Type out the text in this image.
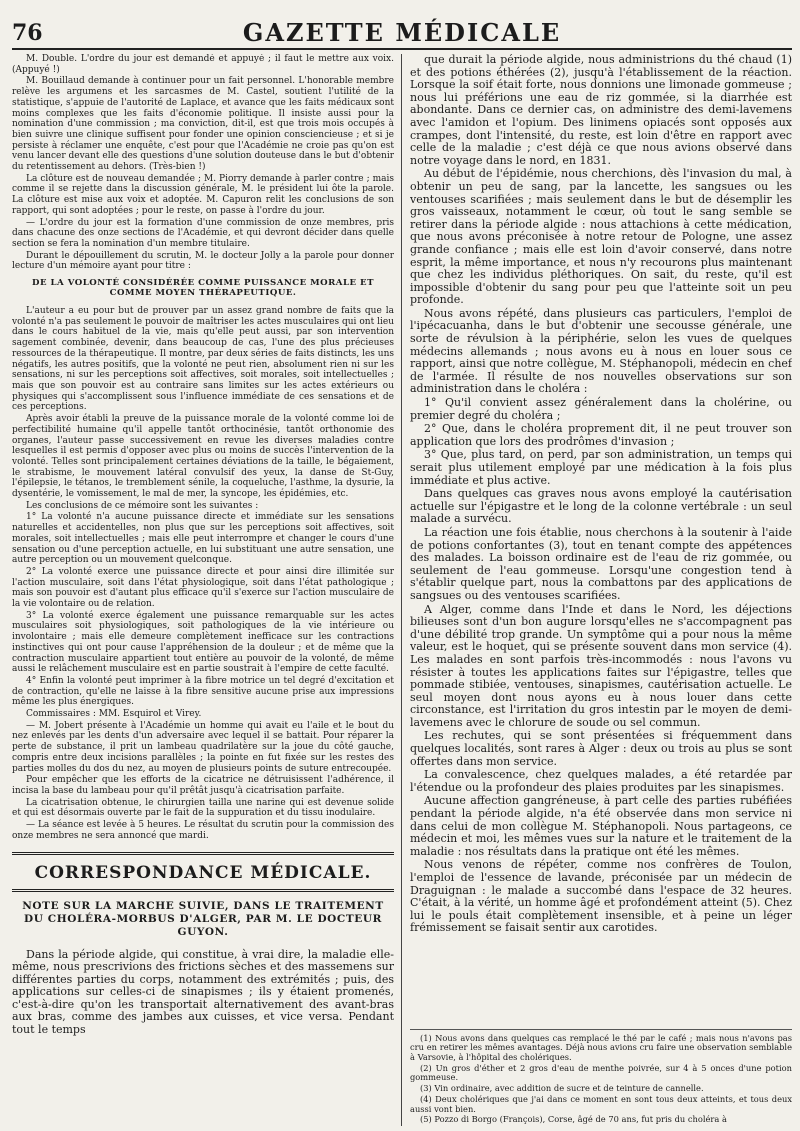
76	GAZETTE MÉDICALE

M. Double. L'ordre du jour est demandé et appuyé ; il faut le mettre aux voix. (Appuyé !)

M. Bouillaud demande à continuer pour un fait personnel. L'honorable membre relève les argumens et les sarcasmes de M. Castel, soutient l'utilité de la statistique, s'appuie de l'autorité de Laplace, et avance que les faits médicaux sont moins complexes que les faits d'économie politique. Il insiste aussi pour la nomination d'une commission ; ma conviction, dit-il, est que trois mois occupés à bien suivre une clinique suffisent pour fonder une opinion consciencieuse ; et si je persiste à réclamer une enquête, c'est pour que l'Académie ne croie pas qu'on est venu lancer devant elle des questions d'une solution douteuse dans le but d'obtenir du retentissement au dehors. (Très-bien !)

La clôture est de nouveau demandée ; M. Piorry demande à parler contre ; mais comme il se rejette dans la discussion générale, M. le président lui ôte la parole. La clôture est mise aux voix et adoptée. M. Capuron relit les conclusions de son rapport, qui sont adoptées ; pour le reste, on passe à l'ordre du jour.

— L'ordre du jour est la formation d'une commission de onze membres, pris dans chacune des onze sections de l'Académie, et qui devront décider dans quelle section se fera la nomination d'un membre titulaire.

Durant le dépouillement du scrutin, M. le docteur Jolly a la parole pour donner lecture d'un mémoire ayant pour titre :

DE LA VOLONTÉ CONSIDÉRÉE COMME PUISSANCE MORALE ET COMME MOYEN THÉRAPEUTIQUE.

L'auteur a eu pour but de prouver par un assez grand nombre de faits que la volonté n'a pas seulement le pouvoir de maîtriser les actes musculaires qui ont lieu dans le cours habituel de la vie, mais qu'elle peut aussi, par son intervention sagement combinée, devenir, dans beaucoup de cas, l'une des plus précieuses ressources de la thérapeutique. Il montre, par deux séries de faits distincts, les uns négatifs, les autres positifs, que la volonté ne peut rien, absolument rien ni sur les sensations, ni sur les perceptions soit affectives, soit morales, soit intellectuelles ; mais que son pouvoir est au contraire sans limites sur les actes extérieurs ou physiques qui s'accomplissent sous l'influence immédiate de ces sensations et de ces perceptions.

Après avoir établi la preuve de la puissance morale de la volonté comme loi de perfectibilité humaine qu'il appelle tantôt orthocinésie, tantôt orthonomie des organes, l'auteur passe successivement en revue les diverses maladies contre lesquelles il est permis d'opposer avec plus ou moins de succès l'intervention de la volonté. Telles sont principalement certaines déviations de la taille, le bégaiement, le strabisme, le mouvement latéral convulsif des yeux, la danse de St-Guy, l'épilepsie, le tétanos, le tremblement sénile, la coqueluche, l'asthme, la dysurie, la dysentérie, le vomissement, le mal de mer, la syncope, les épidémies, etc.

Les conclusions de ce mémoire sont les suivantes :

1° La volonté n'a aucune puissance directe et immédiate sur les sensations naturelles et accidentelles, non plus que sur les perceptions soit affectives, soit morales, soit intellectuelles ; mais elle peut interrompre et changer le cours d'une sensation ou d'une perception actuelle, en lui substituant une autre sensation, une autre perception ou un mouvement quelconque.

2° La volonté exerce une puissance directe et pour ainsi dire illimitée sur l'action musculaire, soit dans l'état physiologique, soit dans l'état pathologique ; mais son pouvoir est d'autant plus efficace qu'il s'exerce sur l'action musculaire de la vie volontaire ou de relation.

3° La volonté exerce également une puissance remarquable sur les actes musculaires soit physiologiques, soit pathologiques de la vie intérieure ou involontaire ; mais elle demeure complètement inefficace sur les contractions instinctives qui ont pour cause l'appréhension de la douleur ; et de même que la contraction musculaire appartient tout entière au pouvoir de la volonté, de même aussi le relâchement musculaire est en partie soustrait à l'empire de cette faculté.

4° Enfin la volonté peut imprimer à la fibre motrice un tel degré d'excitation et de contraction, qu'elle ne laisse à la fibre sensitive aucune prise aux impressions même les plus énergiques.

Commissaires : MM. Esquirol et Virey.

— M. Jobert présente à l'Académie un homme qui avait eu l'aile et le bout du nez enlevés par les dents d'un adversaire avec lequel il se battait. Pour réparer la perte de substance, il prit un lambeau quadrilatère sur la joue du côté gauche, compris entre deux incisions parallèles ; la pointe en fut fixée sur les restes des parties molles du dos du nez, au moyen de plusieurs points de suture entrecoupée.

Pour empêcher que les efforts de la cicatrice ne détruisissent l'adhérence, il incisa la base du lambeau pour qu'il prêtât jusqu'à cicatrisation parfaite.

La cicatrisation obtenue, le chirurgien tailla une narine qui est devenue solide et qui est désormais ouverte par le fait de la suppuration et du tissu inodulaire.

— La séance est levée à 5 heures. Le résultat du scrutin pour la commission des onze membres ne sera annoncé que mardi.

CORRESPONDANCE MÉDICALE.
NOTE SUR LA MARCHE SUIVIE, DANS LE TRAITEMENT DU CHOLÉRA-MORBUS D'ALGER, PAR M. LE DOCTEUR GUYON.

Dans la période algide, qui constitue, à vrai dire, la maladie elle-même, nous prescrivions des frictions sèches et des massemens sur différentes parties du corps, notamment des extrémités ; puis, des applications sur celles-ci de sinapismes ; ils y étaient promenés, c'est-à-dire qu'on les transportait alternativement des avant-bras aux bras, comme des jambes aux cuisses, et vice versa. Pendant tout le temps

que durait la période algide, nous administrions du thé chaud (1) et des potions éthérées (2), jusqu'à l'établissement de la réaction. Lorsque la soif était forte, nous donnions une limonade gommeuse ; nous lui préférions une eau de riz gommée, si la diarrhée est abondante. Dans ce dernier cas, on administre des demi-lavemens avec l'amidon et l'opium. Des linimens opiacés sont opposés aux crampes, dont l'intensité, du reste, est loin d'être en rapport avec celle de la maladie ; c'est déjà ce que nous avions observé dans notre voyage dans le nord, en 1831.

Au début de l'épidémie, nous cherchions, dès l'invasion du mal, à obtenir un peu de sang, par la lancette, les sangsues ou les ventouses scarifiées ; mais seulement dans le but de désemplir les gros vaisseaux, notamment le cœur, où tout le sang semble se retirer dans la période algide : nous attachions à cette médication, que nous avons préconisée à notre retour de Pologne, une assez grande confiance ; mais elle est loin d'avoir conservé, dans notre esprit, la même importance, et nous n'y recourons plus maintenant que chez les individus pléthoriques. On sait, du reste, qu'il est impossible d'obtenir du sang pour peu que l'atteinte soit un peu profonde.

Nous avons répété, dans plusieurs cas particulers, l'emploi de l'ipécacuanha, dans le but d'obtenir une secousse générale, une sorte de révulsion à la périphérie, selon les vues de quelques médecins allemands ; nous avons eu à nous en louer sous ce rapport, ainsi que notre collègue, M. Stéphanopoli, médecin en chef de l'armée. Il résulte de nos nouvelles observations sur son administration dans le choléra :

1° Qu'il convient assez généralement dans la cholérine, ou premier degré du choléra ;

2° Que, dans le choléra proprement dit, il ne peut trouver son application que lors des prodrômes d'invasion ;

3° Que, plus tard, on perd, par son administration, un temps qui serait plus utilement employé par une médication à la fois plus immédiate et plus active.

Dans quelques cas graves nous avons employé la cautérisation actuelle sur l'épigastre et le long de la colonne vertébrale : un seul malade a survécu.

La réaction une fois établie, nous cherchons à la soutenir à l'aide de potions confortantes (3), tout en tenant compte des appétences des malades. La boisson ordinaire est de l'eau de riz gommée, ou seulement de l'eau gommeuse. Lorsqu'une congestion tend à s'établir quelque part, nous la combattons par des applications de sangsues ou des ventouses scarifiées.

A Alger, comme dans l'Inde et dans le Nord, les déjections bilieuses sont d'un bon augure lorsqu'elles ne s'accompagnent pas d'une débilité trop grande. Un symptôme qui a pour nous la même valeur, est le hoquet, qui se présente souvent dans mon service (4). Les malades en sont parfois très-incommodés : nous l'avons vu résister à toutes les applications faites sur l'épigastre, telles que pommade stibiée, ventouses, sinapismes, cautérisation actuelle. Le seul moyen dont nous ayons eu à nous louer dans cette circonstance, est l'irritation du gros intestin par le moyen de demi-lavemens avec le chlorure de soude ou sel commun.

Les rechutes, qui se sont présentées si fréquemment dans quelques localités, sont rares à Alger : deux ou trois au plus se sont offertes dans mon service.

La convalescence, chez quelques malades, a été retardée par l'étendue ou la profondeur des plaies produites par les sinapismes.

Aucune affection gangréneuse, à part celle des parties rubéfiées pendant la période algide, n'a été observée dans mon service ni dans celui de mon collègue M. Stéphanopoli. Nous partageons, ce médecin et moi, les mêmes vues sur la nature et le traitement de la maladie : nos résultats dans la pratique ont été les mêmes.

Nous venons de répéter, comme nos confrères de Toulon, l'emploi de l'essence de lavande, préconisée par un médecin de Draguignan : le malade a succombé dans l'espace de 32 heures. C'était, à la vérité, un homme âgé et profondément atteint (5). Chez lui le pouls était complètement insensible, et à peine un léger frémissement se faisait sentir aux carotides.

(1) Nous avons dans quelques cas remplacé le thé par le café ; mais nous n'avons pas cru en retirer les mêmes avantages. Déjà nous avions cru faire une observation semblable à Varsovie, à l'hôpital des cholériques.

(2) Un gros d'éther et 2 gros d'eau de menthe poivrée, sur 4 à 5 onces d'une potion gommeuse.

(3) Vin ordinaire, avec addition de sucre et de teinture de cannelle.

(4) Deux cholériques que j'ai dans ce moment en sont tous deux atteints, et tous deux aussi vont bien.

(5) Pozzo di Borgo (François), Corse, âgé de 70 ans, fut pris du choléra à
